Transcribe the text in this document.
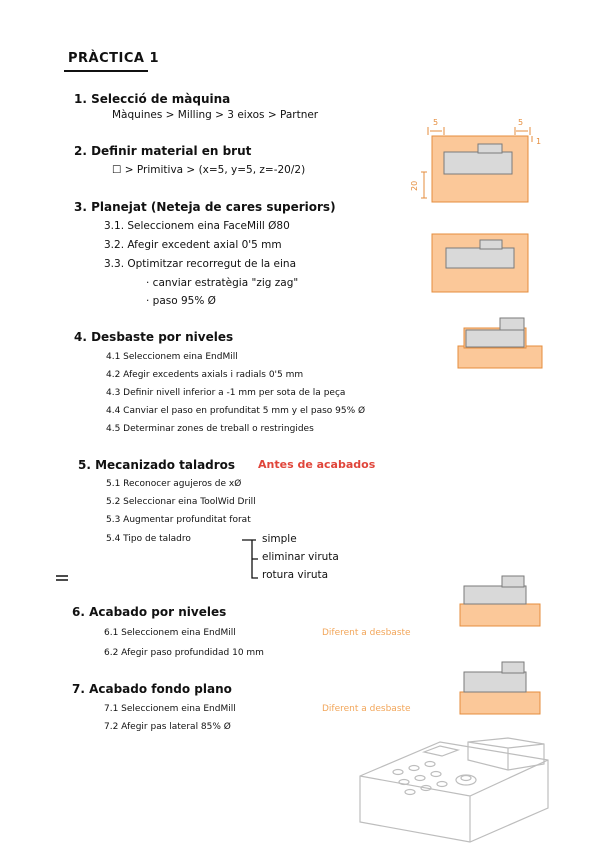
PRÀCTICA 1
1. Selecció de màquina
Màquines > Milling > 3 eixos > Partner
2. Definir material en brut
☐ > Primitiva > (x=5, y=5, z=-20/2)
3. Planejat (Neteja de cares superiors)
3.1. Seleccionem eina FaceMill Ø80
3.2. Afegir excedent axial 0'5 mm
3.3. Optimitzar recorregut de la eina
· canviar estratègia "zig zag"
· paso 95% Ø
4. Desbaste por niveles
4.1 Seleccionem eina EndMill
4.2 Afegir excedents axials i radials 0'5 mm
4.3 Definir nivell inferior a -1 mm per sota de la peça
4.4 Canviar el paso en profunditat 5 mm y el paso 95% Ø
4.5 Determinar zones de treball o restringides
5. Mecanizado taladros Antes de acabados
5.1 Reconocer agujeros de xØ
5.2 Seleccionar eina ToolWid Drill
5.3 Augmentar profunditat forat
5.4 Tipo de taladro	simple
eliminar viruta
rotura viruta
6. Acabado por niveles
6.1 Seleccionem eina EndMill	Diferent a desbaste
6.2 Afegir paso profundidad 10 mm
7. Acabado fondo plano
7.1 Seleccionem eina EndMill	Diferent a desbaste
7.2 Afegir pas lateral 85% Ø
5	5
1
20
